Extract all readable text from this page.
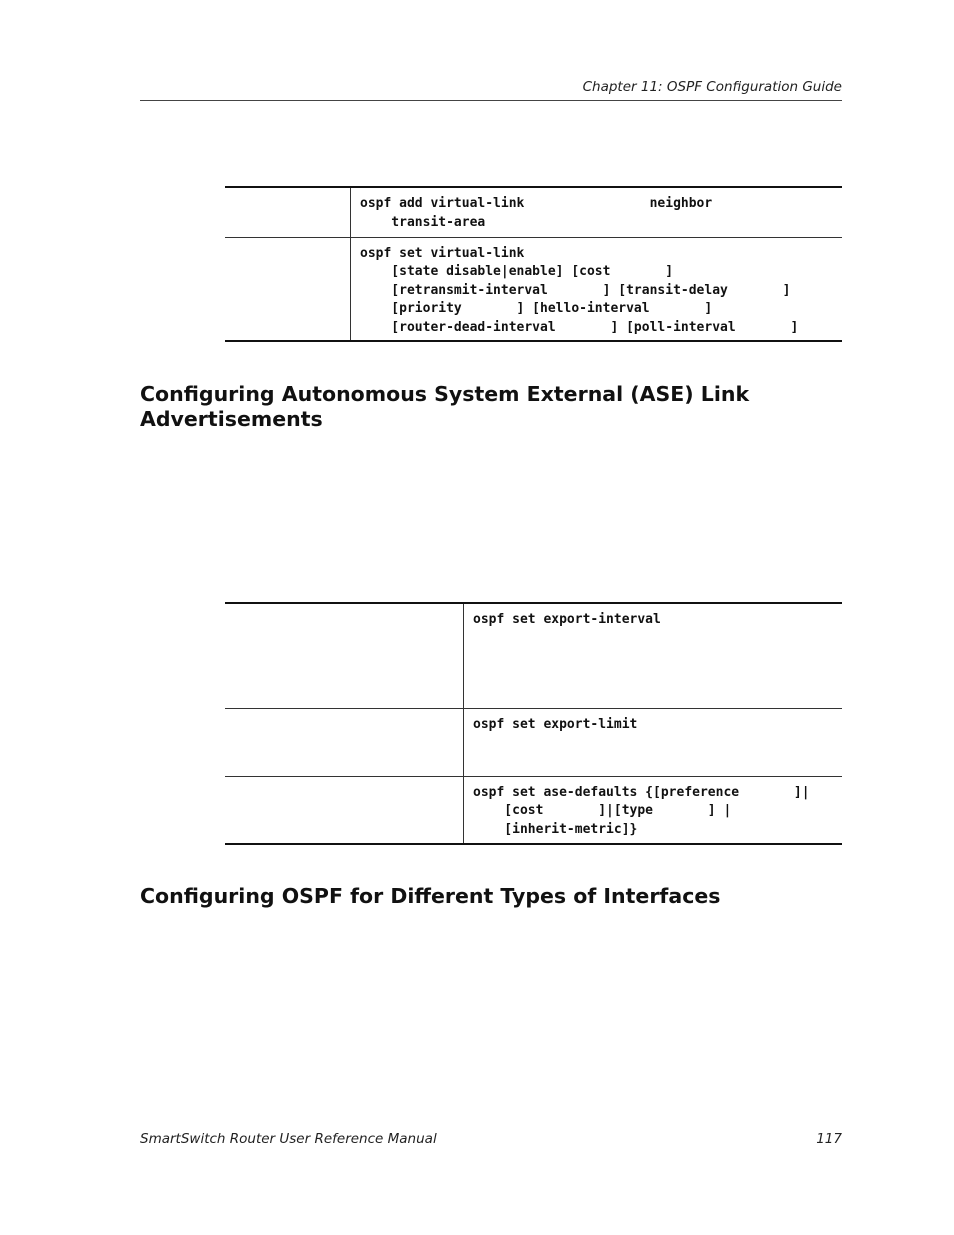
Chapter 11: OSPF Configuration Guide

	ospf add virtual-link                neighbor
transit-area

	ospf set virtual-link
[state disable|enable] [cost       ]
[retransmit-interval       ] [transit-delay       ]
[priority       ] [hello-interval       ]
[router-dead-interval       ] [poll-interval       ]
Configuring Autonomous System External (ASE) Link Advertisements

	ospf set export-interval

	ospf set export-limit

	ospf set ase-defaults {[preference       ]|
[cost       ]|[type       ] |
[inherit-metric]}
Configuring OSPF for Different Types of Interfaces
SmartSwitch Router User Reference Manual	117
